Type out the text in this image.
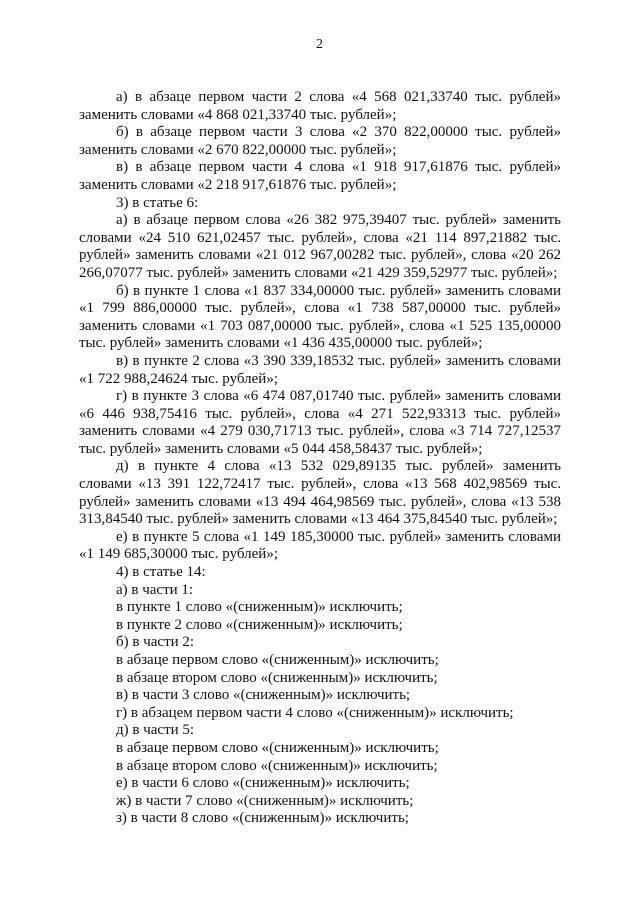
2

а) в абзаце первом части 2 слова «4 568 021,33740 тыс. рублей» заменить словами «4 868 021,33740 тыс. рублей»;

б) в абзаце первом части 3 слова «2 370 822,00000 тыс. рублей» заменить словами «2 670 822,00000 тыс. рублей»;

в) в абзаце первом части 4 слова «1 918 917,61876 тыс. рублей» заменить словами «2 218 917,61876 тыс. рублей»;

3) в статье 6:

а) в абзаце первом слова «26 382 975,39407 тыс. рублей» заменить словами «24 510 621,02457 тыс. рублей», слова «21 114 897,21882 тыс. рублей» заменить словами «21 012 967,00282 тыс. рублей», слова «20 262 266,07077 тыс. рублей» заменить словами «21 429 359,52977 тыс. рублей»;

б) в пункте 1 слова «1 837 334,00000 тыс. рублей» заменить словами «1 799 886,00000 тыс. рублей», слова «1 738 587,00000 тыс. рублей» заменить словами «1 703 087,00000 тыс. рублей», слова «1 525 135,00000 тыс. рублей» заменить словами «1 436 435,00000 тыс. рублей»;

в) в пункте 2 слова «3 390 339,18532 тыс. рублей» заменить словами «1 722 988,24624 тыс. рублей»;

г) в пункте 3 слова «6 474 087,01740 тыс. рублей» заменить словами «6 446 938,75416 тыс. рублей», слова «4 271 522,93313 тыс. рублей» заменить словами «4 279 030,71713 тыс. рублей», слова «3 714 727,12537 тыс. рублей» заменить словами «5 044 458,58437 тыс. рублей»;

д) в пункте 4 слова «13 532 029,89135 тыс. рублей» заменить словами «13 391 122,72417 тыс. рублей», слова «13 568 402,98569 тыс. рублей» заменить словами «13 494 464,98569 тыс. рублей», слова «13 538 313,84540 тыс. рублей» заменить словами «13 464 375,84540 тыс. рублей»;

е) в пункте 5 слова «1 149 185,30000 тыс. рублей» заменить словами «1 149 685,30000 тыс. рублей»;

4) в статье 14:

а) в части 1:

в пункте 1 слово «(сниженным)» исключить;

в пункте 2 слово «(сниженным)» исключить;

б) в части 2:

в абзаце первом слово «(сниженным)» исключить;

в абзаце втором слово «(сниженным)» исключить;

в) в части 3 слово «(сниженным)» исключить;

г) в абзацем первом части 4 слово «(сниженным)» исключить;

д) в части 5:

в абзаце первом слово «(сниженным)» исключить;

в абзаце втором слово «(сниженным)» исключить;

е) в части 6 слово «(сниженным)» исключить;

ж) в части 7 слово «(сниженным)» исключить;

з) в части 8 слово «(сниженным)» исключить;
